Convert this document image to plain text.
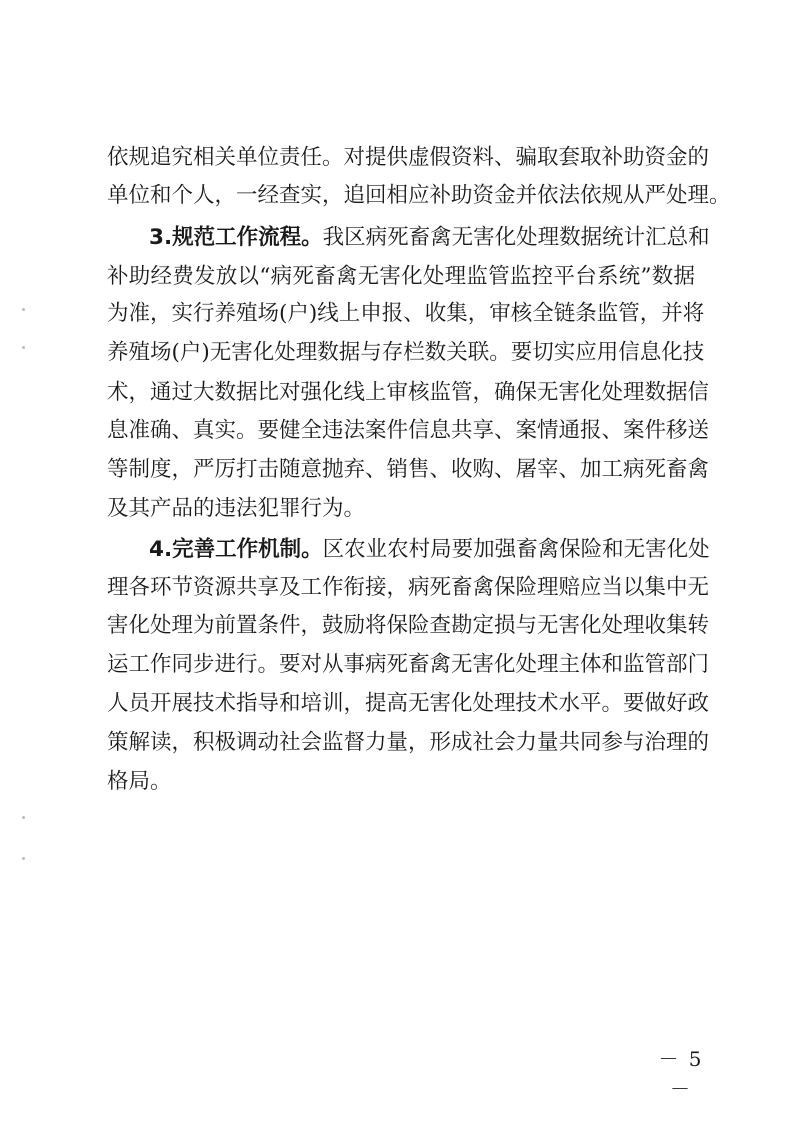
依规追究相关单位责任。对提供虚假资料、骗取套取补助资金的
单位和个人，一经查实，追回相应补助资金并依法依规从严处理。
3.规范工作流程。我区病死畜禽无害化处理数据统计汇总和
补助经费发放以“病死畜禽无害化处理监管监控平台系统”数据
为准，实行养殖场(户)线上申报、收集，审核全链条监管，并将
养殖场(户)无害化处理数据与存栏数关联。要切实应用信息化技
术，通过大数据比对强化线上审核监管，确保无害化处理数据信
息准确、真实。要健全违法案件信息共享、案情通报、案件移送
等制度，严厉打击随意抛弃、销售、收购、屠宰、加工病死畜禽
及其产品的违法犯罪行为。
4.完善工作机制。区农业农村局要加强畜禽保险和无害化处
理各环节资源共享及工作衔接，病死畜禽保险理赔应当以集中无
害化处理为前置条件，鼓励将保险查勘定损与无害化处理收集转
运工作同步进行。要对从事病死畜禽无害化处理主体和监管部门
人员开展技术指导和培训，提高无害化处理技术水平。要做好政
策解读，积极调动社会监督力量，形成社会力量共同参与治理的
格局。
－ 5 －
